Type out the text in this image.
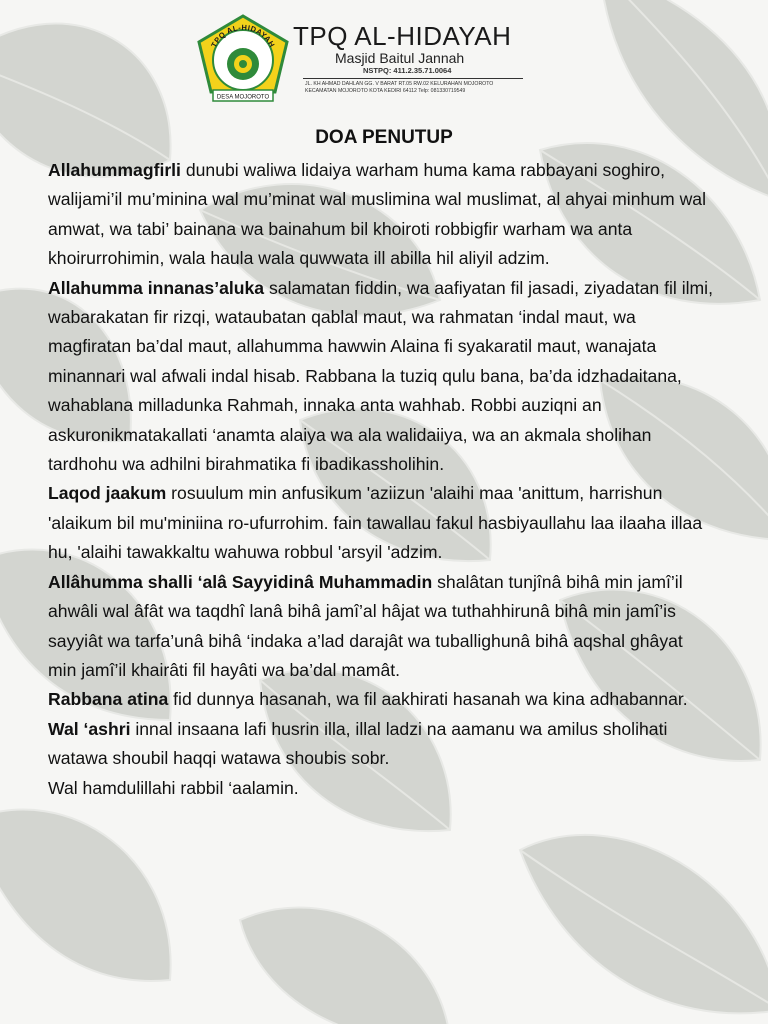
TPQ AL-HIDAYAH
DESA MOJOROTO
TPQ AL-HIDAYAH
Masjid Baitul Jannah
NSTPQ: 411.2.35.71.0064
JL. KH AHMAD DAHLAN GG. V BARAT RT.05 RW.02 KELURAHAN MOJOROTO
KECAMATAN MOJOROTO KOTA KEDIRI 64112 Telp: 081330719549
DOA PENUTUP

Allahummagfirli dunubi waliwa lidaiya warham huma kama rabbayani soghiro, walijami’il mu’minina wal mu’minat wal muslimina wal muslimat, al ahyai minhum wal amwat, wa tabi’ bainana wa bainahum bil khoiroti robbigfir warham wa anta khoirurrohimin, wala haula wala quwwata ill abilla hil aliyil adzim.

Allahumma innanas’aluka salamatan fiddin, wa aafiyatan fil jasadi, ziyadatan fil ilmi, wabarakatan fir rizqi, wataubatan qablal maut, wa rahmatan ‘indal maut, wa magfiratan ba’dal maut, allahumma hawwin Alaina fi syakaratil maut, wanajata minannari wal afwali indal hisab. Rabbana la tuziq qulu bana, ba’da idzhadaitana, wahablana milladunka Rahmah, innaka anta wahhab. Robbi auziqni an askuronikmatakallati ‘anamta alaiya wa ala walidaiiya, wa an akmala sholihan tardhohu wa adhilni birahmatika fi ibadikassholihin.

Laqod jaakum rosuulum min anfusikum 'aziizun 'alaihi maa 'anittum, harrishun 'alaikum bil mu'miniina ro-ufurrohim. fain tawallau fakul hasbiyaullahu laa ilaaha illaa hu, 'alaihi tawakkaltu wahuwa robbul 'arsyil 'adzim.

Allâhumma shalli ‘alâ Sayyidinâ Muhammadin shalâtan tunjînâ bihâ min jamî’il ahwâli wal âfât wa taqdhî lanâ bihâ jamî’al hâjat wa tuthahhirunâ bihâ min jamî’is sayyiât wa tarfa’unâ bihâ ‘indaka a’lad darajât wa tuballighunâ bihâ aqshal ghâyat min jamî’il khairâti fil hayâti wa ba’dal mamât.

Rabbana atina fid dunnya hasanah, wa fil aakhirati hasanah wa kina adhabannar.

Wal ‘ashri innal insaana lafi husrin illa, illal ladzi na aamanu wa amilus sholihati watawa shoubil haqqi watawa shoubis sobr.

Wal hamdulillahi rabbil ‘aalamin.
